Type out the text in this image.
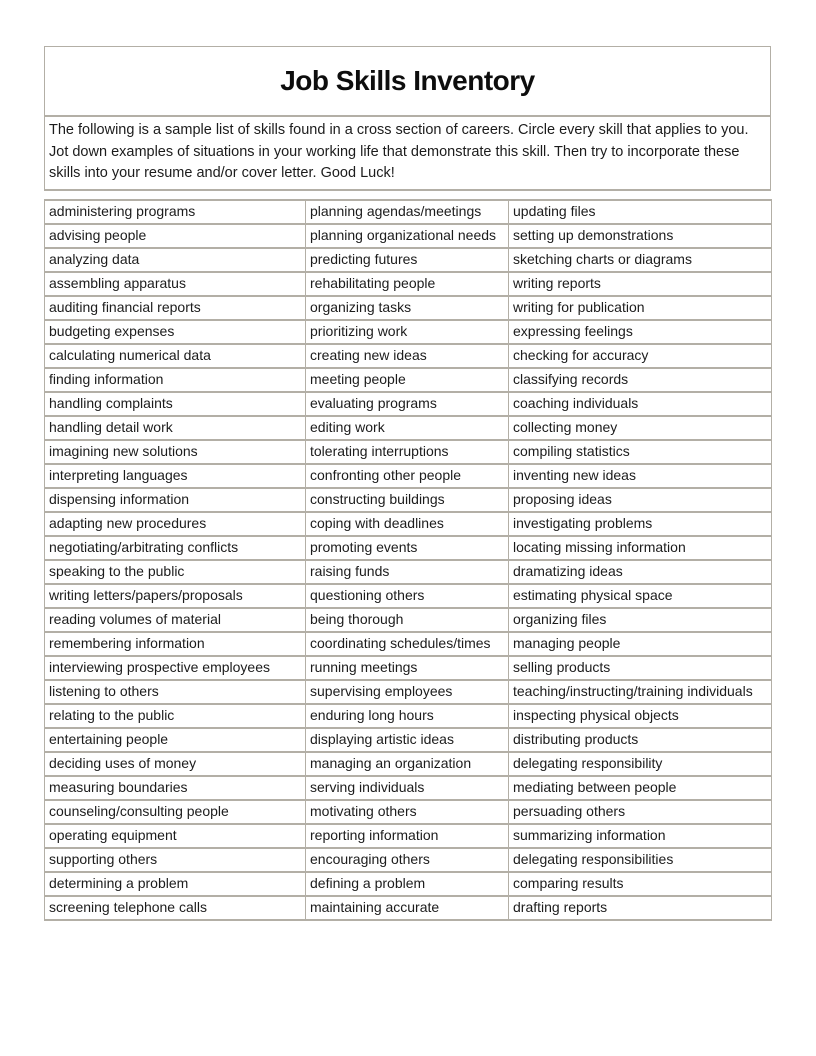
Job Skills Inventory

The following is a sample list of skills found in a cross section of careers. Circle every skill that applies to you. Jot down examples of situations in your working life that demonstrate this skill. Then try to incorporate these skills into your resume and/or cover letter. Good Luck!

administering programs	planning agendas/meetings	updating files
advising people	planning organizational needs	setting up demonstrations
analyzing data	predicting futures	sketching charts or diagrams
assembling apparatus	rehabilitating people	writing reports
auditing financial reports	organizing tasks	writing for publication
budgeting expenses	prioritizing work	expressing feelings
calculating numerical data	creating new ideas	checking for accuracy
finding information	meeting people	classifying records
handling complaints	evaluating programs	coaching individuals
handling detail work	editing work	collecting money
imagining new solutions	tolerating interruptions	compiling statistics
interpreting languages	confronting other people	inventing new ideas
dispensing information	constructing buildings	proposing ideas
adapting new procedures	coping with deadlines	investigating problems
negotiating/arbitrating conflicts	promoting events	locating missing information
speaking to the public	raising funds	dramatizing ideas
writing letters/papers/proposals	questioning others	estimating physical space
reading volumes of material	being thorough	organizing files
remembering information	coordinating schedules/times	managing people
interviewing prospective employees	running meetings	selling products
listening to others	supervising employees	teaching/instructing/training individuals
relating to the public	enduring long hours	inspecting physical objects
entertaining people	displaying artistic ideas	distributing products
deciding uses of money	managing an organization	delegating responsibility
measuring boundaries	serving individuals	mediating between people
counseling/consulting people	motivating others	persuading others
operating equipment	reporting information	summarizing information
supporting others	encouraging others	delegating responsibilities
determining a problem	defining a problem	comparing results
screening telephone calls	maintaining accurate	drafting reports
